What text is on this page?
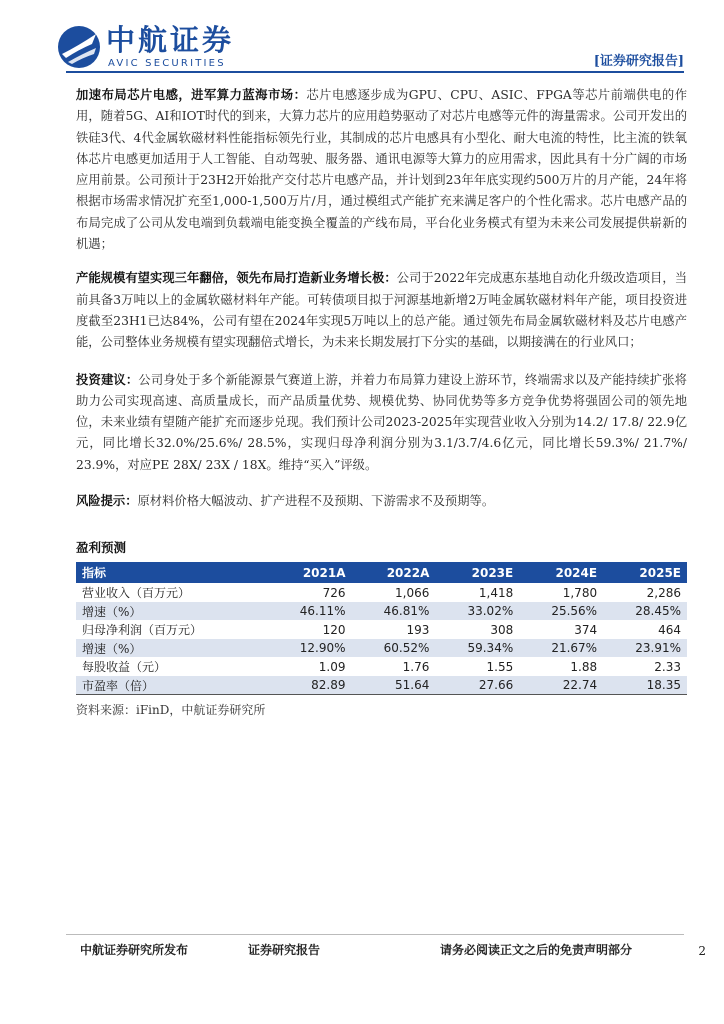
中航证券
AVIC SECURITIES	[证券研究报告]

加速布局芯片电感，进军算力蓝海市场：芯片电感逐步成为GPU、CPU、ASIC、FPGA等芯片前端供电的作用，随着5G、AI和IOT时代的到来，大算力芯片的应用趋势驱动了对芯片电感等元件的海量需求。公司开发出的铁硅3代、4代金属软磁材料性能指标领先行业，其制成的芯片电感具有小型化、耐大电流的特性，比主流的铁氧体芯片电感更加适用于人工智能、自动驾驶、服务器、通讯电源等大算力的应用需求，因此具有十分广阔的市场应用前景。公司预计于23H2开始批产交付芯片电感产品，并计划到23年年底实现约500万片的月产能，24年将根据市场需求情况扩充至1,000-1,500万片/月，通过模组式产能扩充来满足客户的个性化需求。芯片电感产品的布局完成了公司从发电端到负载端电能变换全覆盖的产线布局，平台化业务模式有望为未来公司发展提供崭新的机遇；

产能规模有望实现三年翻倍，领先布局打造新业务增长极：公司于2022年完成惠东基地自动化升级改造项目，当前具备3万吨以上的金属软磁材料年产能。可转债项目拟于河源基地新增2万吨金属软磁材料年产能，项目投资进度截至23H1已达84%，公司有望在2024年实现5万吨以上的总产能。通过领先布局金属软磁材料及芯片电感产能，公司整体业务规模有望实现翻倍式增长，为未来长期发展打下分实的基础，以期接满在的行业风口；

投资建议：公司身处于多个新能源景气赛道上游，并着力布局算力建设上游环节，终端需求以及产能持续扩张将助力公司实现高速、高质量成长，而产品质量优势、规模优势、协同优势等多方竞争优势将强固公司的领先地位，未来业绩有望随产能扩充而逐步兑现。我们预计公司2023-2025年实现营业收入分别为14.2/ 17.8/ 22.9亿元，同比增长32.0%/25.6%/ 28.5%，实现归母净利润分别为3.1/3.7/4.6亿元，同比增长59.3%/ 21.7%/ 23.9%，对应PE 28X/ 23X / 18X。维持“买入”评级。

风险提示：原材料价格大幅波动、扩产进程不及预期、下游需求不及预期等。

盈利预测
指标	2021A	2022A	2023E	2024E	2025E
营业收入（百万元）	726	1,066	1,418	1,780	2,286
增速（%）	46.11%	46.81%	33.02%	25.56%	28.45%
归母净利润（百万元）	120	193	308	374	464
增速（%）	12.90%	60.52%	59.34%	21.67%	23.91%
每股收益（元）	1.09	1.76	1.55	1.88	2.33
市盈率（倍）	82.89	51.64	27.66	22.74	18.35
资料来源：iFinD，中航证券研究所
中航证券研究所发布	证券研究报告	请务必阅读正文之后的免责声明部分	2
